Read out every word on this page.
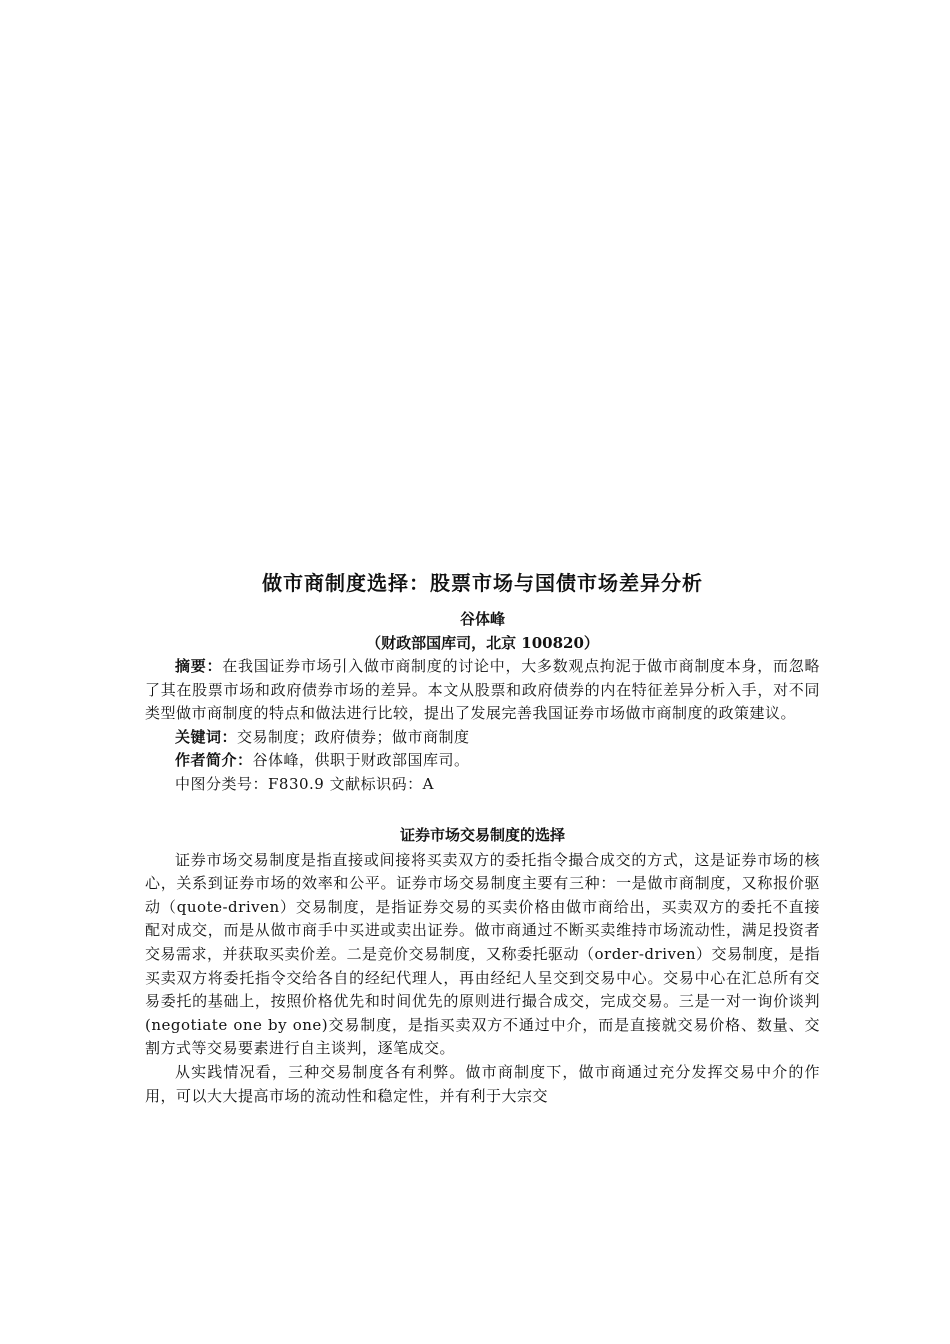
做市商制度选择：股票市场与国债市场差异分析

谷体峰

（财政部国库司，北京 100820）

摘要：在我国证券市场引入做市商制度的讨论中，大多数观点拘泥于做市商制度本身，而忽略了其在股票市场和政府债券市场的差异。本文从股票和政府债券的内在特征差异分析入手，对不同类型做市商制度的特点和做法进行比较，提出了发展完善我国证券市场做市商制度的政策建议。

关键词：交易制度；政府债券；做市商制度

作者简介：谷体峰，供职于财政部国库司。

中图分类号：F830.9 文献标识码：A

证券市场交易制度的选择

证券市场交易制度是指直接或间接将买卖双方的委托指令撮合成交的方式，这是证券市场的核心，关系到证券市场的效率和公平。证券市场交易制度主要有三种：一是做市商制度，又称报价驱动（quote-driven）交易制度，是指证券交易的买卖价格由做市商给出，买卖双方的委托不直接配对成交，而是从做市商手中买进或卖出证券。做市商通过不断买卖维持市场流动性，满足投资者交易需求，并获取买卖价差。二是竞价交易制度，又称委托驱动（order-driven）交易制度，是指买卖双方将委托指令交给各自的经纪代理人，再由经纪人呈交到交易中心。交易中心在汇总所有交易委托的基础上，按照价格优先和时间优先的原则进行撮合成交，完成交易。三是一对一询价谈判(negotiate one by one)交易制度，是指买卖双方不通过中介，而是直接就交易价格、数量、交割方式等交易要素进行自主谈判，逐笔成交。

从实践情况看，三种交易制度各有利弊。做市商制度下，做市商通过充分发挥交易中介的作用，可以大大提高市场的流动性和稳定性，并有利于大宗交
